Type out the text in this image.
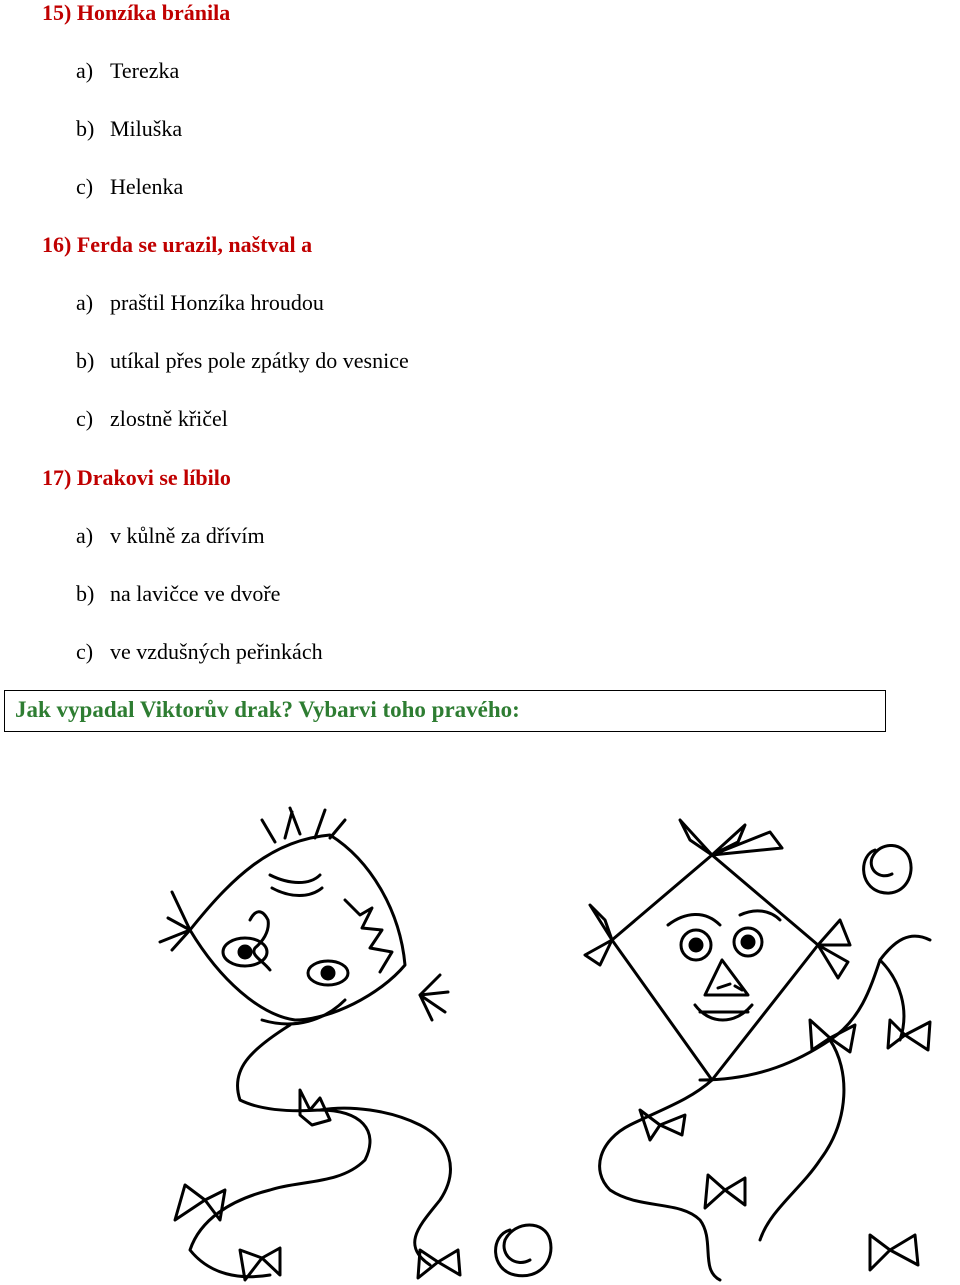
15) Honzíka bránila

a) Terezka

b) Miluška

c) Helenka

16) Ferda se urazil, naštval a

a) praštil Honzíka hroudou

b) utíkal přes pole zpátky do vesnice

c) zlostně křičel

17) Drakovi se líbilo

a) v kůlně za dřívím

b) na lavičce ve dvoře

c) ve vzdušných peřinkách

Jak vypadal Viktorův drak? Vybarvi toho pravého:
